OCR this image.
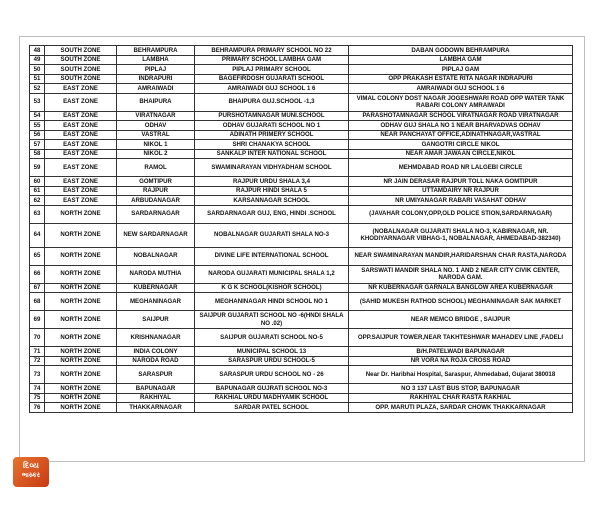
48	SOUTH ZONE	BEHRAMPURA	BEHRAMPURA PRIMARY SCHOOL NO 22	DABAN GODOWN BEHRAMPURA
49	SOUTH ZONE	LAMBHA	PRIMARY SCHOOL LAMBHA GAM	LAMBHA GAM
50	SOUTH ZONE	PIPLAJ	PIPLAJ PRIMARY SCHOOL	PIPLAJ GAM
51	SOUTH ZONE	INDRAPURI	BAGEFIRDOSH GUJARATI SCHOOL	OPP PRAKASH ESTATE RITA NAGAR INDRAPURI
52	EAST ZONE	AMRAIWADI	AMRAIWADI GUJ SCHOOL 1 6	AMRAIWADI GUJ SCHOOL 1 6
53	EAST ZONE	BHAIPURA	BHAIPURA GUJ.SCHOOL -1,3	VIMAL COLONY DOST NAGAR JOGESHWARI ROAD OPP WATER TANK RABARI COLONY AMRAIWADI
54	EAST ZONE	VIRATNAGAR	PURSHOTAMNAGAR MUNI.SCHOOL	PARASHOTAMNAGAR SCHOOL VIRATNAGAR ROAD VIRATNAGAR
55	EAST ZONE	ODHAV	ODHAV GUJARATI SCHOOL NO 1	ODHAV GUJ SHALA NO 1 NEAR BHARVADVAS ODHAV
56	EAST ZONE	VASTRAL	ADINATH PRIMERY SCHOOL	NEAR PANCHAYAT OFFICE,ADINATHNAGAR,VASTRAL
57	EAST ZONE	NIKOL 1	SHRI CHANAKYA SCHOOL	GANGOTRI CIRCLE NIKOL
58	EAST ZONE	NIKOL 2	SANKALP INTER NATIONAL SCHOOL	NEAR AMAR JAWAAN CIRCLE,NIKOL
59	EAST ZONE	RAMOL	SWAMINARAYAN VIDHYADHAM SCHOOL	MEHMDABAD ROAD NR LALGEBI CIRCLE
60	EAST ZONE	GOMTIPUR	RAJPUR URDU SHALA 3,4	NR JAIN DERASAR RAJPUR TOLL NAKA GOMTIPUR
61	EAST ZONE	RAJPUR	RAJPUR HINDI SHALA 5	UTTAMDAIRY NR RAJPUR
62	EAST ZONE	ARBUDANAGAR	KARSANNAGAR SCHOOL	NR UMIYANAGAR RABARI VASAHAT ODHAV
63	NORTH ZONE	SARDARNAGAR	SARDARNAGAR GUJ, ENG, HINDI .SCHOOL	(JAVAHAR COLONY,OPP,OLD POLICE STION,SARDARNAGAR)
64	NORTH ZONE	NEW SARDARNAGAR	NOBALNAGAR GUJARATI SHALA NO-3	(NOBALNAGAR GUJARATI SHALA NO-3, KABIRNAGAR, NR. KHODIYARNAGAR VIBHAG-1, NOBALNAGAR, AHMEDABAD-382340)
65	NORTH ZONE	NOBALNAGAR	DIVINE LIFE INTERNATIONAL SCHOOL	NEAR SWAMINARAYAN MANDIR,HARIDARSHAN CHAR RASTA,NARODA
66	NORTH ZONE	NARODA MUTHIA	NARODA GUJARATI MUNICIPAL SHALA 1,2	SARSWATI MANDIR SHALA NO. 1 AND 2 NEAR CITY CIVIK CENTER, NARODA GAM.
67	NORTH ZONE	KUBERNAGAR	K G K SCHOOL(KISHOR SCHOOL)	NR KUBERNAGAR GARNALA BANGLOW AREA KUBERNAGAR
68	NORTH ZONE	MEGHANINAGAR	MEGHANINAGAR HINDI SCHOOL NO 1	(SAHID MUKESH RATHOD SCHOOL) MEGHANINAGAR SAK MARKET
69	NORTH ZONE	SAIJPUR	SAIJPUR GUJARATI SCHOOL NO -6(HNDI SHALA NO .02)	NEAR MEMCO BRIDGE , SAIJPUR
70	NORTH ZONE	KRISHNANAGAR	SAIJPUR GUJARATI SCHOOL NO-5	OPP.SAIJPUR TOWER,NEAR TAKHTESHWAR MAHADEV LINE ,FADELI
71	NORTH ZONE	INDIA COLONY	MUNICIPAL SCHOOL 13	B/H.PATELWADI BAPUNAGAR
72	NORTH ZONE	NARODA ROAD	SARASPUR URDU SCHOOL-5	NR VORA NA ROJA CROSS ROAD
73	NORTH ZONE	SARASPUR	SARASPUR URDU SCHOOL NO - 26	Near Dr. Haribhai Hospital, Saraspur, Ahmedabad, Gujarat 380018
74	NORTH ZONE	BAPUNAGAR	BAPUNAGAR GUJRATI SCHOOL NO-3	NO 3 137 LAST BUS STOP, BAPUNAGAR
75	NORTH ZONE	RAKHIYAL	RAKHIAL URDU MADHYAMIK SCHOOL	RAKHIYAL CHAR RASTA RAKHIAL
76	NORTH ZONE	THAKKARNAGAR	SARDAR PATEL SCHOOL	OPP. MARUTI PLAZA, SARDAR CHOWK THAKKARNAGAR
દિવ્ય
ભાસ્કર
